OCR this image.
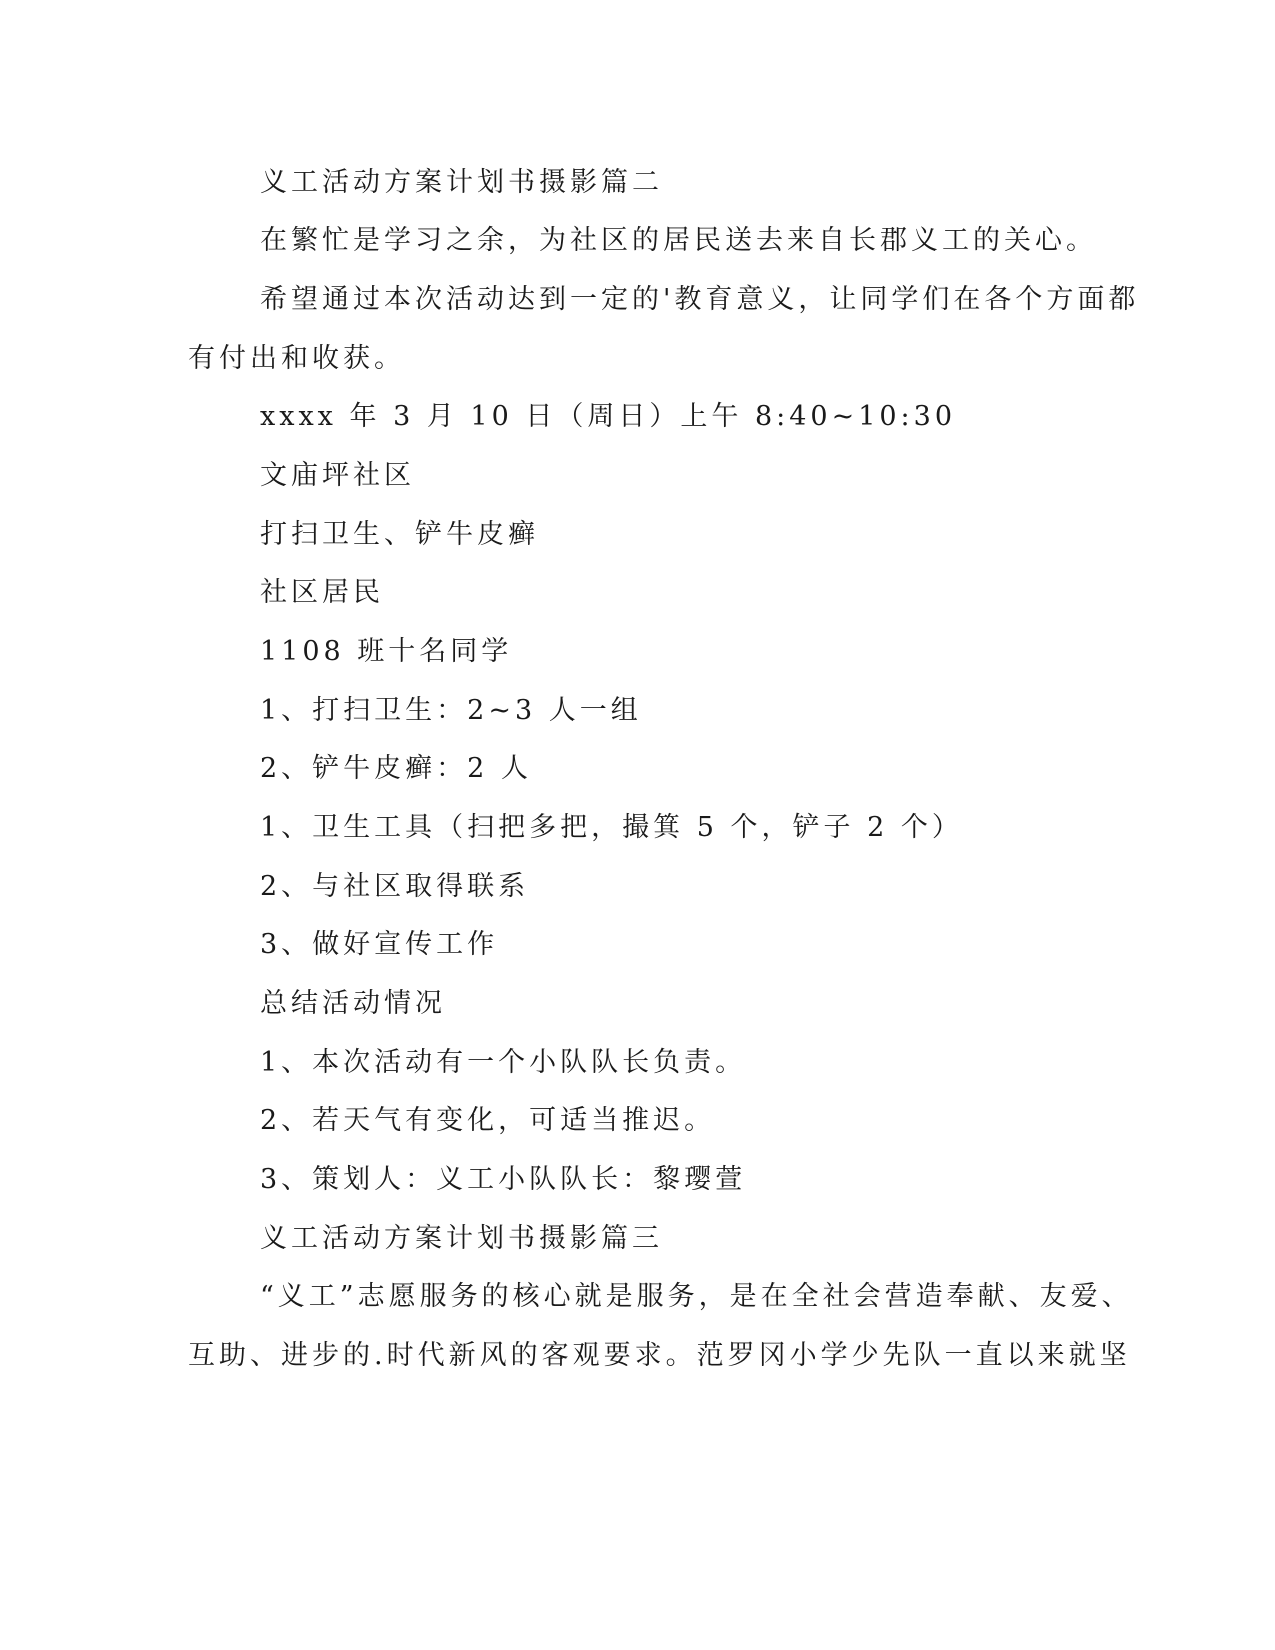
义工活动方案计划书摄影篇二
在繁忙是学习之余，为社区的居民送去来自长郡义工的关心。
希望通过本次活动达到一定的'教育意义，让同学们在各个方面都
有付出和收获。
xxxx 年 3 月 10 日（周日）上午 8:40~10:30
文庙坪社区
打扫卫生、铲牛皮癣
社区居民
1108 班十名同学
1、打扫卫生：2~3 人一组
2、铲牛皮癣：2 人
1、卫生工具（扫把多把，撮箕 5 个，铲子 2 个）
2、与社区取得联系
3、做好宣传工作
总结活动情况
1、本次活动有一个小队队长负责。
2、若天气有变化，可适当推迟。
3、策划人：义工小队队长：黎璎萱
义工活动方案计划书摄影篇三
“义工”志愿服务的核心就是服务，是在全社会营造奉献、友爱、
互助、进步的.时代新风的客观要求。范罗冈小学少先队一直以来就坚
